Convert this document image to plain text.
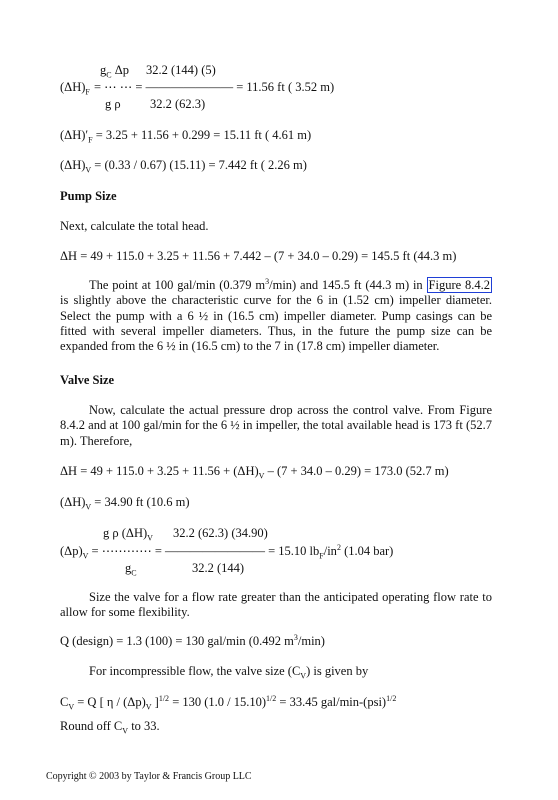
$g_C$ Δp 32.2 (144) (5)
$(\Delta H)_F$ = ⋯ ⋯ = ——————— = 11.56 ft ( 3.52 m)
g ρ 32.2 (62.3)
$(\Delta H)'_F = 3.25 + 11.56 + 0.299 = 15.11$ ft ( 4.61 m)
$(\Delta H)_V = (0.33 / 0.67) (15.11) = 7.442$ ft ( 2.26 m)
Pump Size
Next, calculate the total head.
ΔH = 49 + 115.0 + 3.25 + 11.56 + 7.442 – (7 + 34.0 – 0.29) = 145.5 ft (44.3 m)
The point at 100 gal/min (0.379 $m^3/\min$) and 145.5 ft (44.3 m) in Figure 8.4.2 is slightly above the characteristic curve for the 6 in (1.52 cm) impeller diameter. Select the pump with a 6 ½ in (16.5 cm) impeller diameter. Pump casings can be fitted with several impeller diameters. Thus, in the future the pump size can be expanded from the 6 ½ in (16.5 cm) to the 7 in (17.8 cm) impeller diameter.
Valve Size
Now, calculate the actual pressure drop across the control valve. From Figure 8.4.2 and at 100 gal/min for the 6 ½ in impeller, the total available head is 173 ft (52.7 m). Therefore,
$\Delta H = 49 + 115.0 + 3.25 + 11.56 + (\Delta H)_V - (7 + 34.0 - 0.29) = 173.0$ (52.7 m)
$(\Delta H)_V = 34.90$ ft (10.6 m)
g ρ $(\Delta H)_V$ 32.2 (62.3) (34.90)
$(\Delta p)_V$ = ⋯⋯⋯⋯ = ———————— = 15.10 $lb_F/in^2$ (1.04 bar)
$g_C$	32.2 (144)
Size the valve for a flow rate greater than the anticipated operating flow rate to allow for some flexibility.
Q (design) = 1.3 (100) = 130 gal/min (0.492 $m^3/\min$)
For incompressible flow, the valve size $(C_V)$ is given by
$C_V = Q$ [ η / $(\Delta p)_V$ ]$^{1/2}$ = 130 (1.0 / 15.10)$^{1/2}$ = 33.45 gal/min-(psi)$^{1/2}$
Round off $C_V$ to 33.
Copyright © 2003 by Taylor & Francis Group LLC
